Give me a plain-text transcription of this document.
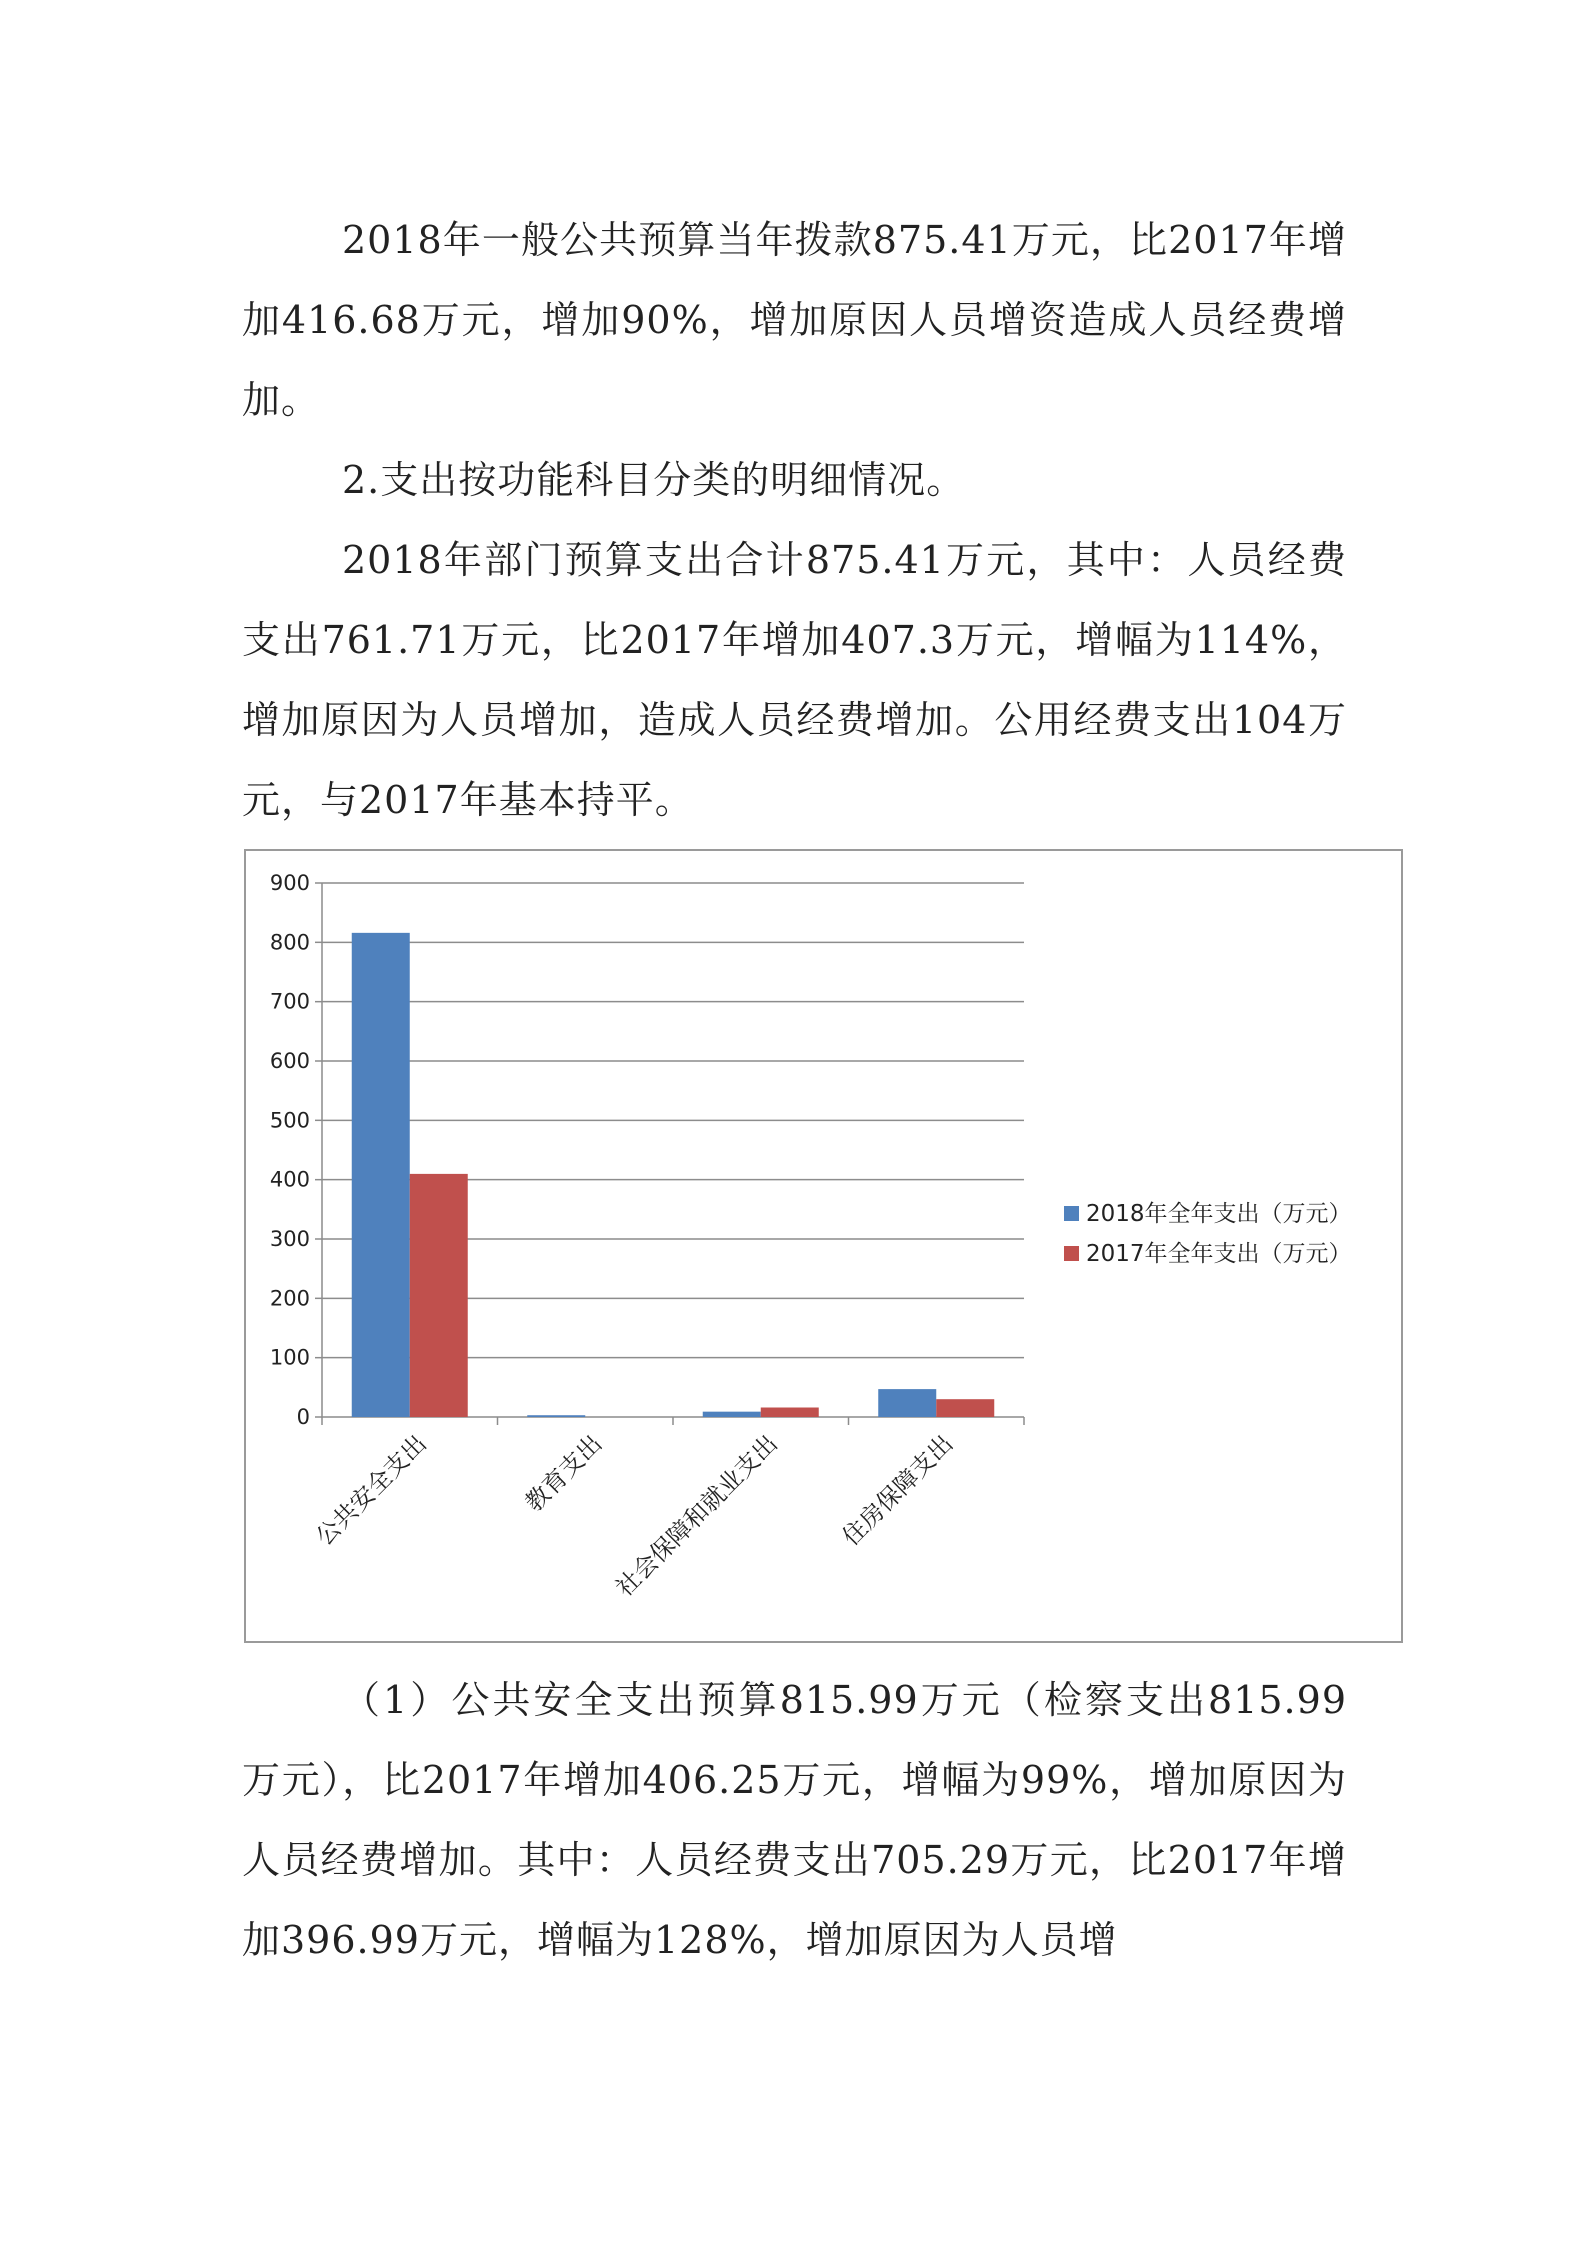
2018年一般公共预算当年拨款875.41万元，比2017年增加416.68万元，增加90%，增加原因人员增资造成人员经费增加。

2.支出按功能科目分类的明细情况。

2018年部门预算支出合计875.41万元，其中：人员经费支出761.71万元，比2017年增加407.3万元，增幅为114%，增加原因为人员增加，造成人员经费增加。公用经费支出104万元，与2017年基本持平。

0
100
200
300
400
500
600
700
800
900
公共安全支出	教育支出 社会保障和就业支出 住房保障支出
2018年全年支出（万元）
2017年全年支出（万元）

（1）公共安全支出预算815.99万元（检察支出815.99万元），比2017年增加406.25万元，增幅为99%，增加原因为人员经费增加。其中：人员经费支出705.29万元，比2017年增加396.99万元，增幅为128%，增加原因为人员增
